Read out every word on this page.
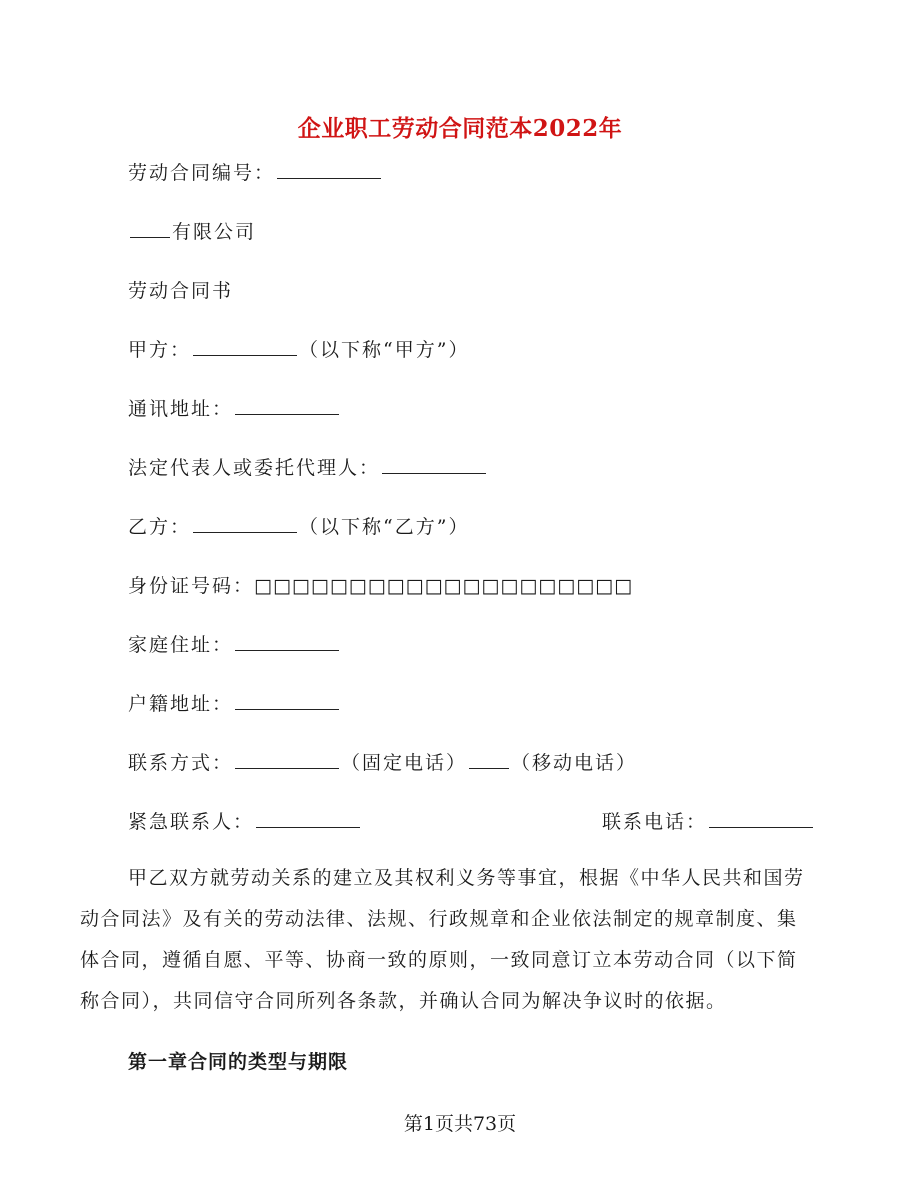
企业职工劳动合同范本2022年
劳动合同编号：
有限公司
劳动合同书
甲方：	（以下称“甲方”）
通讯地址：
法定代表人或委托代理人：
乙方：	（以下称“乙方”）
身份证号码：□□□□□□□□□□□□□□□□□□□□
家庭住址：
户籍地址：
联系方式：	（固定电话） （移动电话）
紧急联系人：	联系电话：
甲乙双方就劳动关系的建立及其权利义务等事宜，根据《中华人民共和国劳
动合同法》及有关的劳动法律、法规、行政规章和企业依法制定的规章制度、集
体合同，遵循自愿、平等、协商一致的原则，一致同意订立本劳动合同（以下简
称合同），共同信守合同所列各条款，并确认合同为解决争议时的依据。
第一章合同的类型与期限
第1页共73页
